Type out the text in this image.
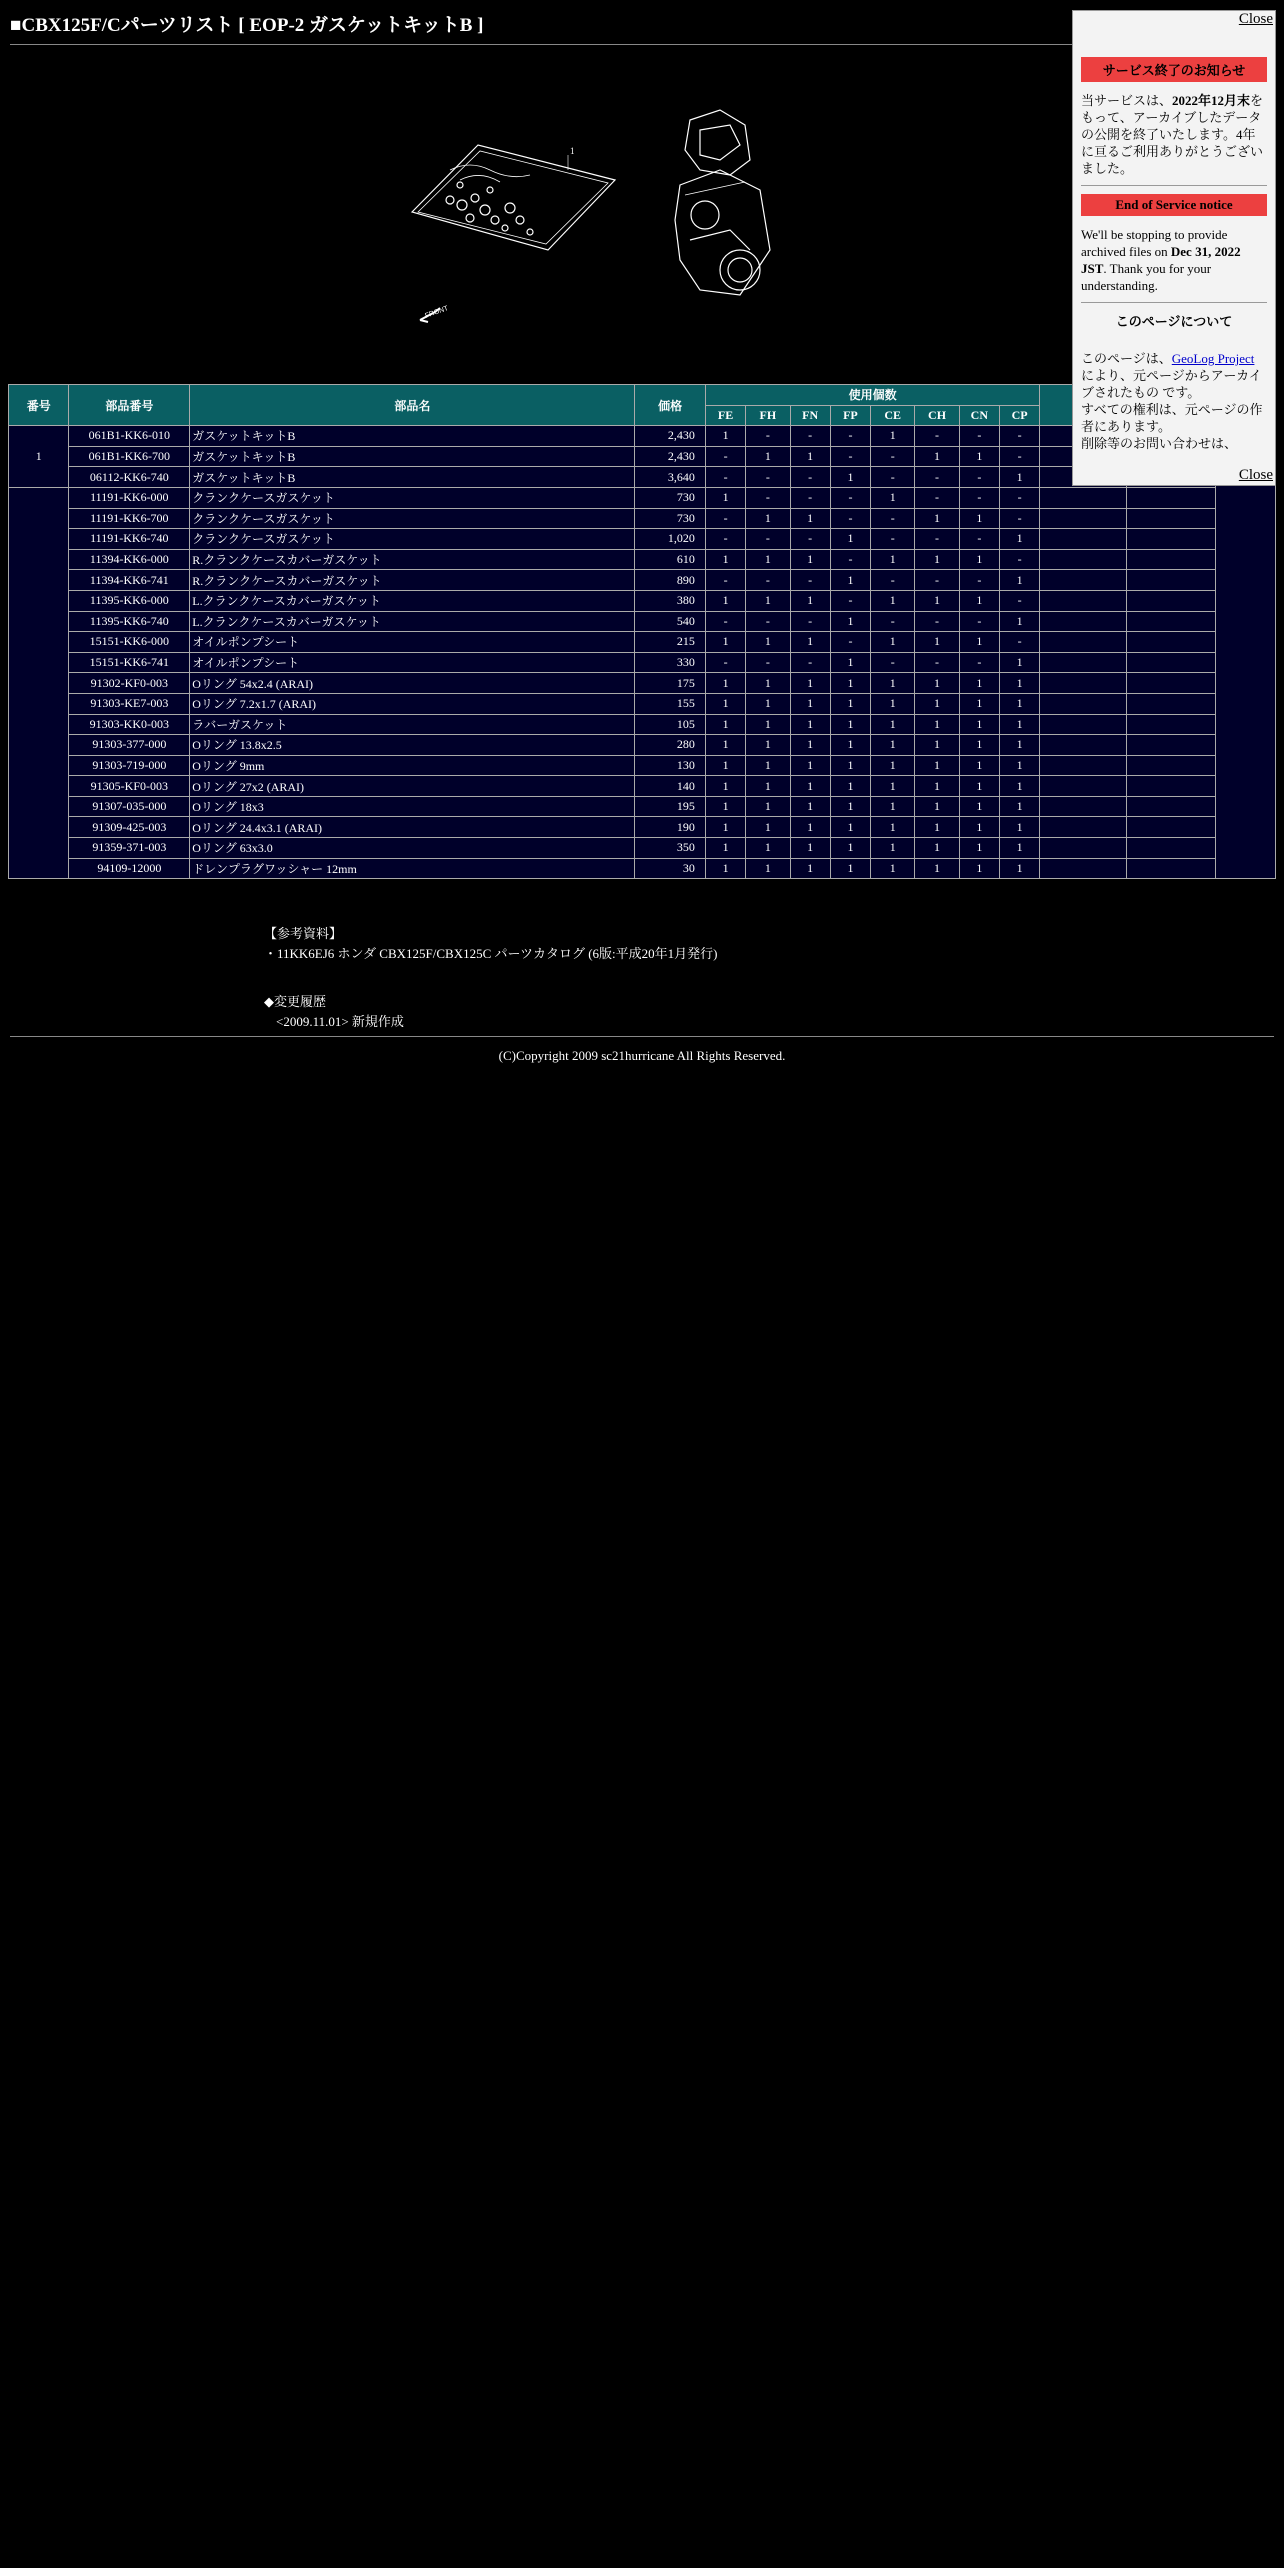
■CBX125F/Cパーツリスト [ EOP-2 ガスケットキットB ]
1
FRONT
番号	部品番号	部品名	価格	使用個数										
				FE	FH	FN	FP	CE	CH	CN	CP			
1	061B1-KK6-010	ガスケットキットB	2,430	1	-	-	-	1	-	-	-			
	061B1-KK6-700	ガスケットキットB	2,430	-	1	1	-	-	1	1	-			
	06112-KK6-740	ガスケットキットB	3,640	-	-	-	1	-	-	-	1			
	11191-KK6-000	クランクケースガスケット	730	1	-	-	-	1	-	-	-			
	11191-KK6-700	クランクケースガスケット	730	-	1	1	-	-	1	1	-			
	11191-KK6-740	クランクケースガスケット	1,020	-	-	-	1	-	-	-	1			
	11394-KK6-000	R.クランクケースカバーガスケット	610	1	1	1	-	1	1	1	-			
	11394-KK6-741	R.クランクケースカバーガスケット	890	-	-	-	1	-	-	-	1			
	11395-KK6-000	L.クランクケースカバーガスケット	380	1	1	1	-	1	1	1	-			
	11395-KK6-740	L.クランクケースカバーガスケット	540	-	-	-	1	-	-	-	1			
	15151-KK6-000	オイルポンプシート	215	1	1	1	-	1	1	1	-			
	15151-KK6-741	オイルポンプシート	330	-	-	-	1	-	-	-	1			
	91302-KF0-003	Oリング 54x2.4 (ARAI)	175	1	1	1	1	1	1	1	1			
	91303-KE7-003	Oリング 7.2x1.7 (ARAI)	155	1	1	1	1	1	1	1	1			
	91303-KK0-003	ラバーガスケット	105	1	1	1	1	1	1	1	1			
	91303-377-000	Oリング 13.8x2.5	280	1	1	1	1	1	1	1	1			
	91303-719-000	Oリング 9mm	130	1	1	1	1	1	1	1	1			
	91305-KF0-003	Oリング 27x2 (ARAI)	140	1	1	1	1	1	1	1	1			
	91307-035-000	Oリング 18x3	195	1	1	1	1	1	1	1	1			
	91309-425-003	Oリング 24.4x3.1 (ARAI)	190	1	1	1	1	1	1	1	1			
	91359-371-003	Oリング 63x3.0	350	1	1	1	1	1	1	1	1			
	94109-12000	ドレンプラグワッシャー 12mm	30	1	1	1	1	1	1	1	1			
【参考資料】
・11KK6EJ6 ホンダ CBX125F/CBX125C パーツカタログ (6版:平成20年1月発行)
◆変更履歴
<2009.11.01> 新規作成
(C)Copyright 2009 sc21hurricane All Rights Reserved.
Close
サービス終了のお知らせ

当サービスは、2022年12月末をもって、アーカイブしたデータの公開を終了いたします。4年に亘るご利用ありがとうございました。

End of Service notice

We'll be stopping to provide archived files on Dec 31, 2022 JST. Thank you for your understanding.

このページについて

このページは、GeoLog Projectにより、元ページからアーカイブされたもの です。
すべての権利は、元ページの作者にあります。
削除等のお問い合わせは、

Close
